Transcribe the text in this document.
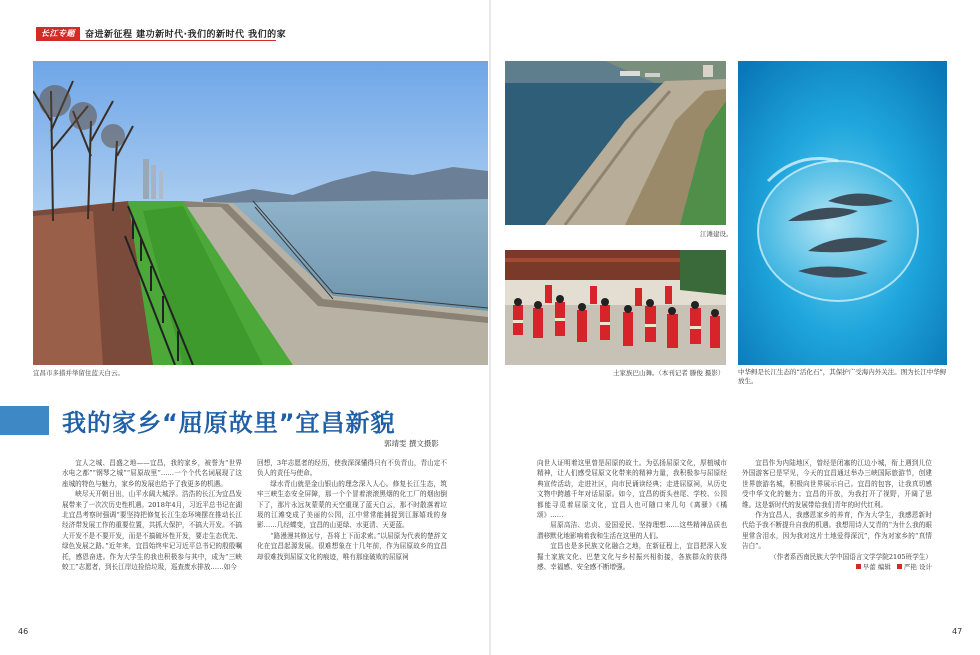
长江专题	奋进新征程 建功新时代·我们的新时代 我们的家
宜昌市多措并举留住蓝天白云。
江滩建设。
土家族巴山舞。（本刊记者 滕俊 摄影） 中华鲟是长江生态的“活化石”，其保护广受海内外关注。图为长江中华鲟放生。
我的家乡“屈原故里”宜昌新貌
郭靖雯 撰文摄影

宜人之城、昌盛之地——宜昌，我的家乡，被誉为“世界水电之都”“钢琴之城”“屈原故里”……一个个代名词展现了这座城的特色与魅力，家乡的发展也给予了我更多的机遇。

峡尽天开朝日出，山平水阔大城浮。浩浩的长江为宜昌发展带来了一次次历史性机遇。2018年4月，习近平总书记在湖北宜昌考察时强调“要坚持把修复长江生态环境摆在推动长江经济带发展工作的重要位置，共抓大保护，不搞大开发。不搞大开发不是不要开发，而是不搞破坏性开发，要走生态优先、绿色发展之路。”近年来，宜昌始终牢记习近平总书记的殷殷嘱托，感恩奋进。作为大学生的我也积极参与其中，成为“三峡蛟工”志愿者，到长江岸边捡拾垃圾，巡查废水排放……如今

回想，3年志愿者的经历，使我深深懂得只有不负青山，青山定不负人的责任与使命。

绿水青山就是金山银山的理念深入人心。修复长江生态，筑牢三峡生态安全屏障，那一个个冒着滚滚黑烟的化工厂的烟囱倒下了，那片永远灰蒙蒙的天空重现了蓝天白云，那不时散落着垃圾的江滩变成了美丽的公园，江中常常能捕捉到江豚嬉戏的身影……几经蝶变，宜昌的山更绿、水更清、天更蓝。

“路漫漫其修远兮，吾将上下而求索。”以屈原为代表的楚辞文化在宜昌起源发展。很难想象在十几年前，作为屈原故乡的宜昌却很难找到屈原文化的痕迹，唯有那座破败的屈原祠

向世人证明着这里曾是屈原的故土。为弘扬屈原文化，厚植城市精神，让人们感受屈原文化带来的精神力量，我积极参与屈原经典宣传活动，走进社区，向市民诵读经典；走进屈原祠，从历史文物中跨越千年对话屈原。如今，宜昌的街头巷尾、学校、公园都能寻觅着屈原文化，宜昌人也可随口来几句《离骚》《橘颂》……

屈原高洁、忠贞、爱国爱民、坚持理想……这些精神品质也潜移默化地影响着我和生活在这里的人们。

宜昌也是多民族文化融合之地，在新征程上，宜昌把深入发掘土家族文化、巴楚文化与乡村振兴相衔接，各族群众的获得感、幸福感、安全感不断增强。

宜昌作为内陆地区，曾经是闭塞的江边小城，衔上遇到儿位外国游客已是罕见，今天的宜昌通过举办三峡国际旅游节，创建世界旅游名城，积极向世界展示自己。宜昌的包容，让我真切感受中华文化的魅力；宜昌的开放，为我打开了视野，开阔了思维。这是新时代的发展带给我们青年的时代红利。

作为宜昌人，我感恩家乡的养育，作为大学生，我感恩新时代给予我不断提升自我的机遇。我想用诗人艾青的“为什么我的眼里常含泪水，因为我对这片土地爱得深沉”，作为对家乡的“真情告白”。

（作者系西南民族大学中国语言文学学院2105班学生）

早蕾 编辑 严艳 设计

46	47
